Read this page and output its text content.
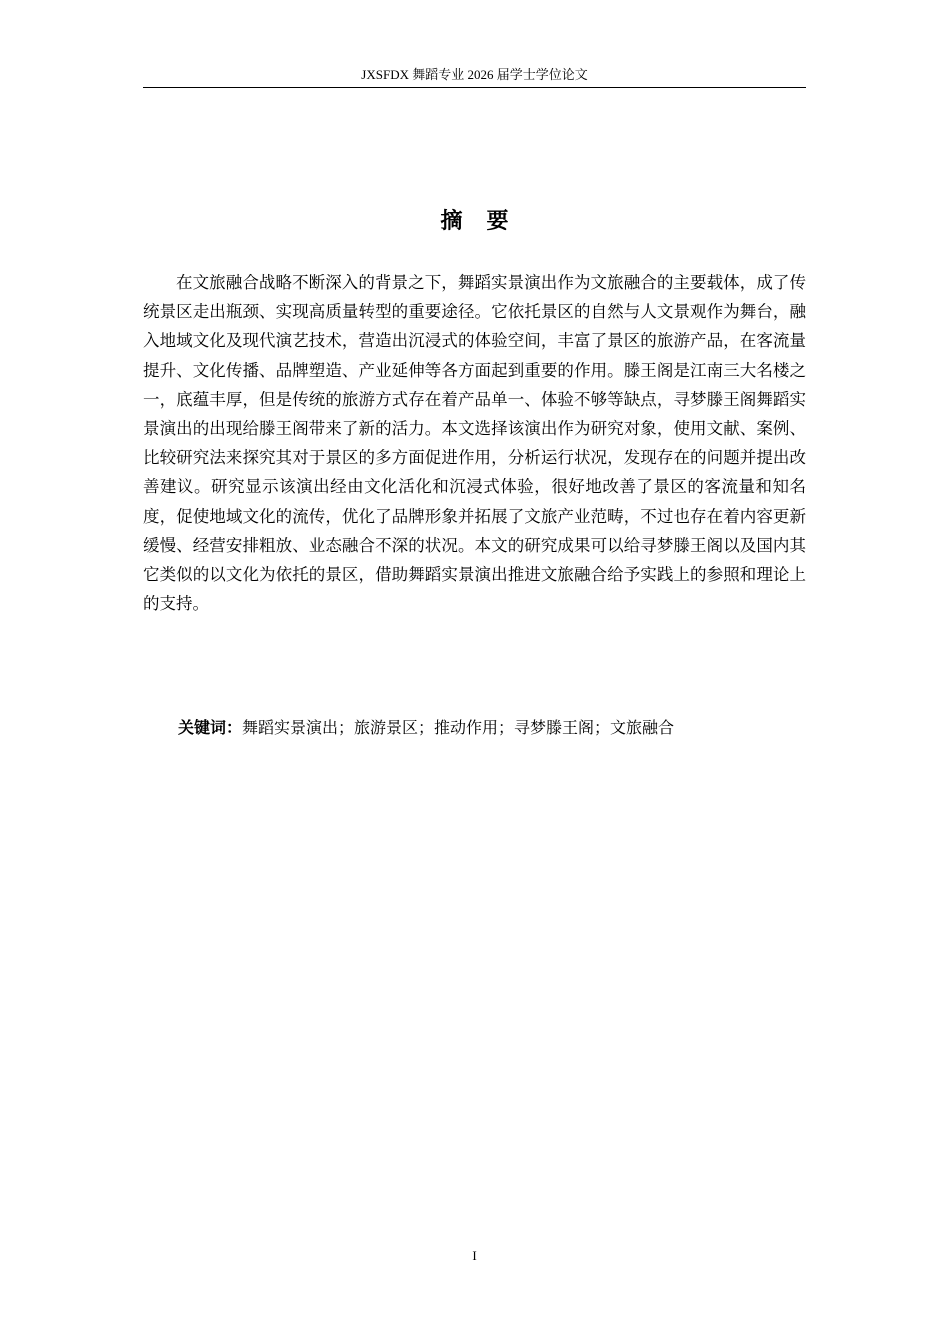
JXSFDX 舞蹈专业 2026 届学士学位论文
摘要

在文旅融合战略不断深入的背景之下，舞蹈实景演出作为文旅融合的主要载体，成了传统景区走出瓶颈、实现高质量转型的重要途径。它依托景区的自然与人文景观作为舞台，融入地域文化及现代演艺技术，营造出沉浸式的体验空间，丰富了景区的旅游产品，在客流量提升、文化传播、品牌塑造、产业延伸等各方面起到重要的作用。滕王阁是江南三大名楼之一，底蕴丰厚，但是传统的旅游方式存在着产品单一、体验不够等缺点，寻梦滕王阁舞蹈实景演出的出现给滕王阁带来了新的活力。本文选择该演出作为研究对象，使用文献、案例、比较研究法来探究其对于景区的多方面促进作用，分析运行状况，发现存在的问题并提出改善建议。研究显示该演出经由文化活化和沉浸式体验，很好地改善了景区的客流量和知名度，促使地域文化的流传，优化了品牌形象并拓展了文旅产业范畴，不过也存在着内容更新缓慢、经营安排粗放、业态融合不深的状况。本文的研究成果可以给寻梦滕王阁以及国内其它类似的以文化为依托的景区，借助舞蹈实景演出推进文旅融合给予实践上的参照和理论上的支持。

关键词：舞蹈实景演出；旅游景区；推动作用；寻梦滕王阁；文旅融合
I
